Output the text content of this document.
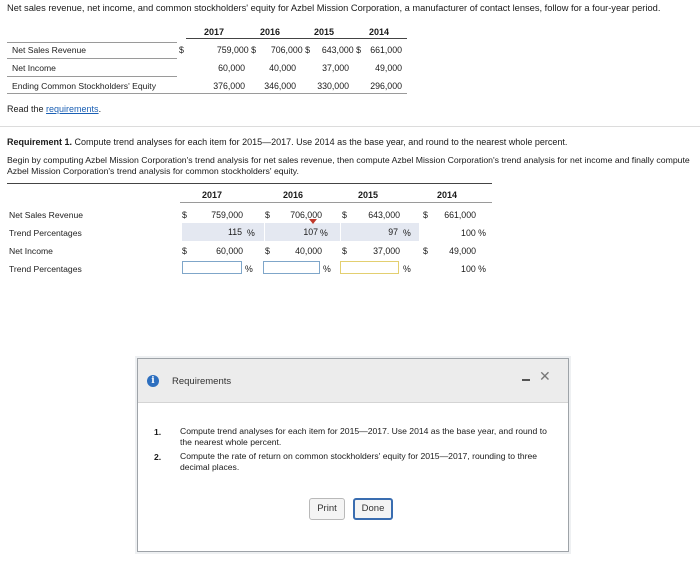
Net sales revenue, net income, and common stockholders' equity for Azbel Mission Corporation, a manufacturer of contact lenses, follow for a four-year period.
2017	2016	2015	2014
Net Sales Revenue	$	759,000 $	706,000 $	643,000 $	661,000
Net Income	60,000	40,000	37,000	49,000
Ending Common Stockholders' Equity	376,000	346,000	330,000	296,000
Read the requirements.
Requirement 1. Compute trend analyses for each item for 2015—2017. Use 2014 as the base year, and round to the nearest whole percent.
Begin by computing Azbel Mission Corporation's trend analysis for net sales revenue, then compute Azbel Mission Corporation's trend analysis for net income and finally compute Azbel Mission Corporation's trend analysis for common stockholders' equity.
2017	2016	2015	2014
Net Sales Revenue	$	759,000	$	706,000 $	643,000	$	661,000
Trend Percentages	115 %	107 %	97 %	100 %
Net Income	$	60,000	$	40,000 $	37,000	$	49,000
Trend Percentages	%	%	%	100 %
i	Requirements	✕
1. Compute trend analyses for each item for 2015—2017. Use 2014 as the base year, and round to the nearest whole percent.
2. Compute the rate of return on common stockholders' equity for 2015—2017, rounding to three decimal places.
Print	Done
